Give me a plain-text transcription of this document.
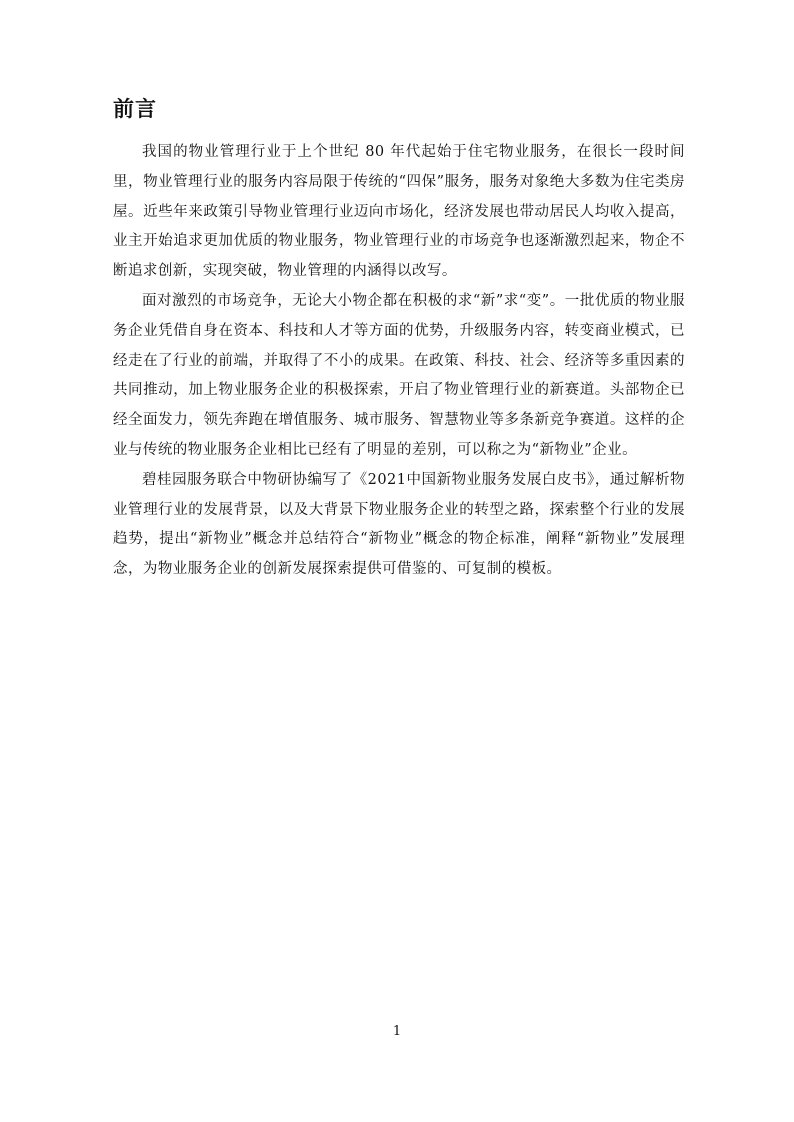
前言

我国的物业管理行业于上个世纪 80 年代起始于住宅物业服务，在很长一段时间里，物业管理行业的服务内容局限于传统的“四保”服务，服务对象绝大多数为住宅类房屋。近些年来政策引导物业管理行业迈向市场化，经济发展也带动居民人均收入提高，业主开始追求更加优质的物业服务，物业管理行业的市场竞争也逐渐激烈起来，物企不断追求创新，实现突破，物业管理的内涵得以改写。

面对激烈的市场竞争，无论大小物企都在积极的求“新”求“变”。一批优质的物业服务企业凭借自身在资本、科技和人才等方面的优势，升级服务内容，转变商业模式，已经走在了行业的前端，并取得了不小的成果。在政策、科技、社会、经济等多重因素的共同推动，加上物业服务企业的积极探索，开启了物业管理行业的新赛道。头部物企已经全面发力，领先奔跑在增值服务、城市服务、智慧物业等多条新竞争赛道。这样的企业与传统的物业服务企业相比已经有了明显的差别，可以称之为“新物业”企业。

碧桂园服务联合中物研协编写了《2021中国新物业服务发展白皮书》，通过解析物业管理行业的发展背景，以及大背景下物业服务企业的转型之路，探索整个行业的发展趋势，提出“新物业”概念并总结符合“新物业”概念的物企标准，阐释“新物业”发展理念，为物业服务企业的创新发展探索提供可借鉴的、可复制的模板。

1
